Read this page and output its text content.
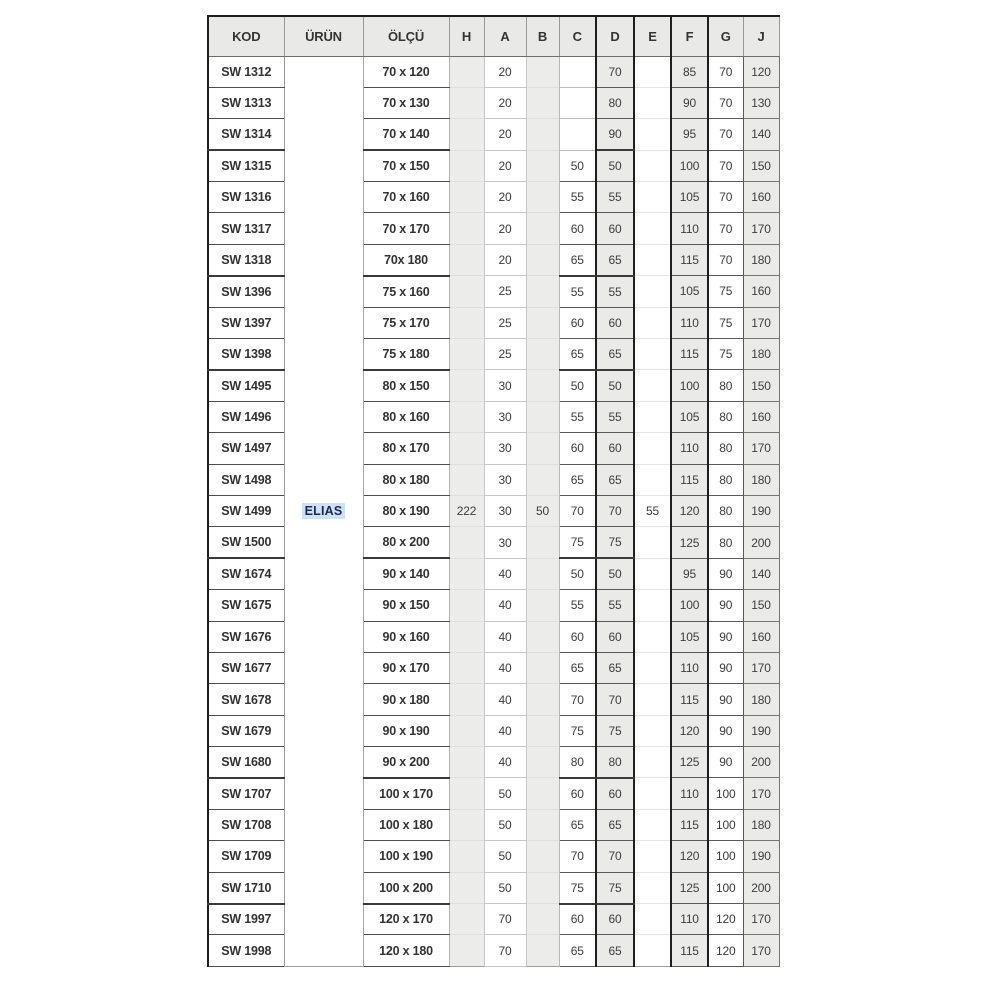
KOD	ÜRÜN	ÖLÇÜ	H	A	B	C	D	E	F	G	J
SW 1312	ELIAS	70 x 120		20			70		85	70	120
SW 1313		70 x 130		20			80		90	70	130
SW 1314		70 x 140		20			90		95	70	140
SW 1315		70 x 150		20		50	50		100	70	150
SW 1316		70 x 160		20		55	55		105	70	160
SW 1317		70 x 170		20		60	60		110	70	170
SW 1318		70x 180		20		65	65		115	70	180
SW 1396		75 x 160		25		55	55		105	75	160
SW 1397		75 x 170		25		60	60		110	75	170
SW 1398		75 x 180		25		65	65		115	75	180
SW 1495		80 x 150		30		50	50		100	80	150
SW 1496		80 x 160		30		55	55		105	80	160
SW 1497		80 x 170		30		60	60		110	80	170
SW 1498		80 x 180		30		65	65		115	80	180
SW 1499		80 x 190	222	30	50	70	70	55	120	80	190
SW 1500		80 x 200		30		75	75		125	80	200
SW 1674		90 x 140		40		50	50		95	90	140
SW 1675		90 x 150		40		55	55		100	90	150
SW 1676		90 x 160		40		60	60		105	90	160
SW 1677		90 x 170		40		65	65		110	90	170
SW 1678		90 x 180		40		70	70		115	90	180
SW 1679		90 x 190		40		75	75		120	90	190
SW 1680		90 x 200		40		80	80		125	90	200
SW 1707		100 x 170		50		60	60		110	100	170
SW 1708		100 x 180		50		65	65		115	100	180
SW 1709		100 x 190		50		70	70		120	100	190
SW 1710		100 x 200		50		75	75		125	100	200
SW 1997		120 x 170		70		60	60		110	120	170
SW 1998		120 x 180		70		65	65		115	120	170
